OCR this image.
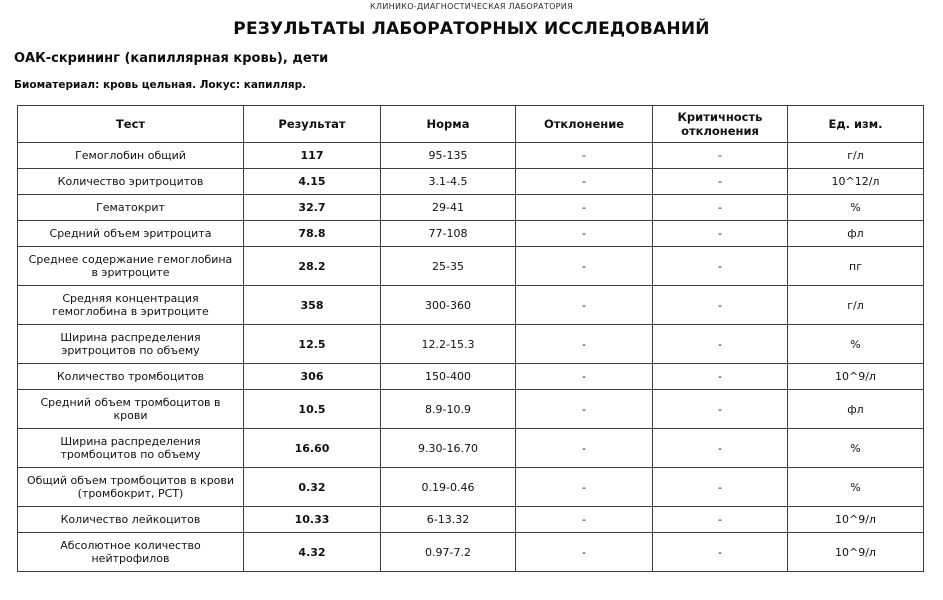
КЛИНИКО-ДИАГНОСТИЧЕСКАЯ ЛАБОРАТОРИЯ
РЕЗУЛЬТАТЫ ЛАБОРАТОРНЫХ ИССЛЕДОВАНИЙ
ОАК-скрининг (капиллярная кровь), дети
Биоматериал: кровь цельная. Локус: капилляр.
Тест	Результат	Норма	Отклонение	Критичность отклонения	Ед. изм.
Гемоглобин общий	117	95-135	-	-	г/л
Количество эритроцитов	4.15	3.1-4.5	-	-	10^12/л
Гематокрит	32.7	29-41	-	-	%
Средний объем эритроцита	78.8	77-108	-	-	фл
Среднее содержание гемоглобина в эритроците	28.2	25-35	-	-	пг
Средняя концентрация гемоглобина в эритроците	358	300-360	-	-	г/л
Ширина распределения эритроцитов по объему	12.5	12.2-15.3	-	-	%
Количество тромбоцитов	306	150-400	-	-	10^9/л
Средний объем тромбоцитов в крови	10.5	8.9-10.9	-	-	фл
Ширина распределения тромбоцитов по объему	16.60	9.30-16.70	-	-	%
Общий объем тромбоцитов в крови (тромбокрит, PCT)	0.32	0.19-0.46	-	-	%
Количество лейкоцитов	10.33	6-13.32	-	-	10^9/л
Абсолютное количество нейтрофилов	4.32	0.97-7.2	-	-	10^9/л
